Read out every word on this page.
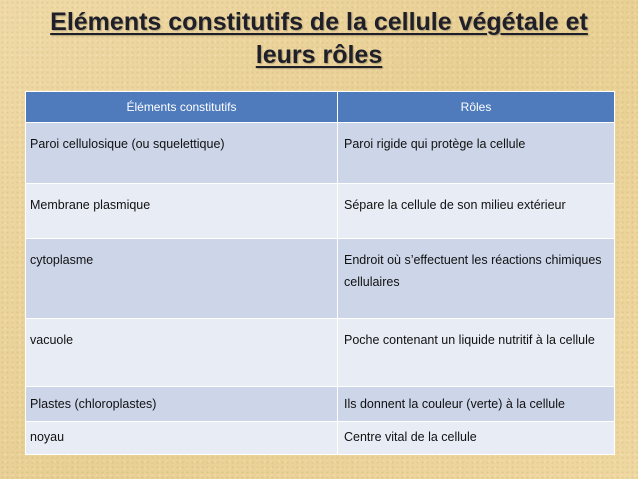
Eléments constitutifs de la cellule végétale et
leurs rôles
Éléments constitutifs	Rôles
Paroi cellulosique (ou squelettique)	Paroi rigide qui protège la cellule
Membrane plasmique	Sépare la cellule de son milieu extérieur
cytoplasme	Endroit où s’effectuent les réactions chimiques cellulaires
vacuole	Poche contenant un liquide nutritif à la cellule
Plastes (chloroplastes)	Ils donnent la couleur (verte) à la cellule
noyau	Centre vital de la cellule
